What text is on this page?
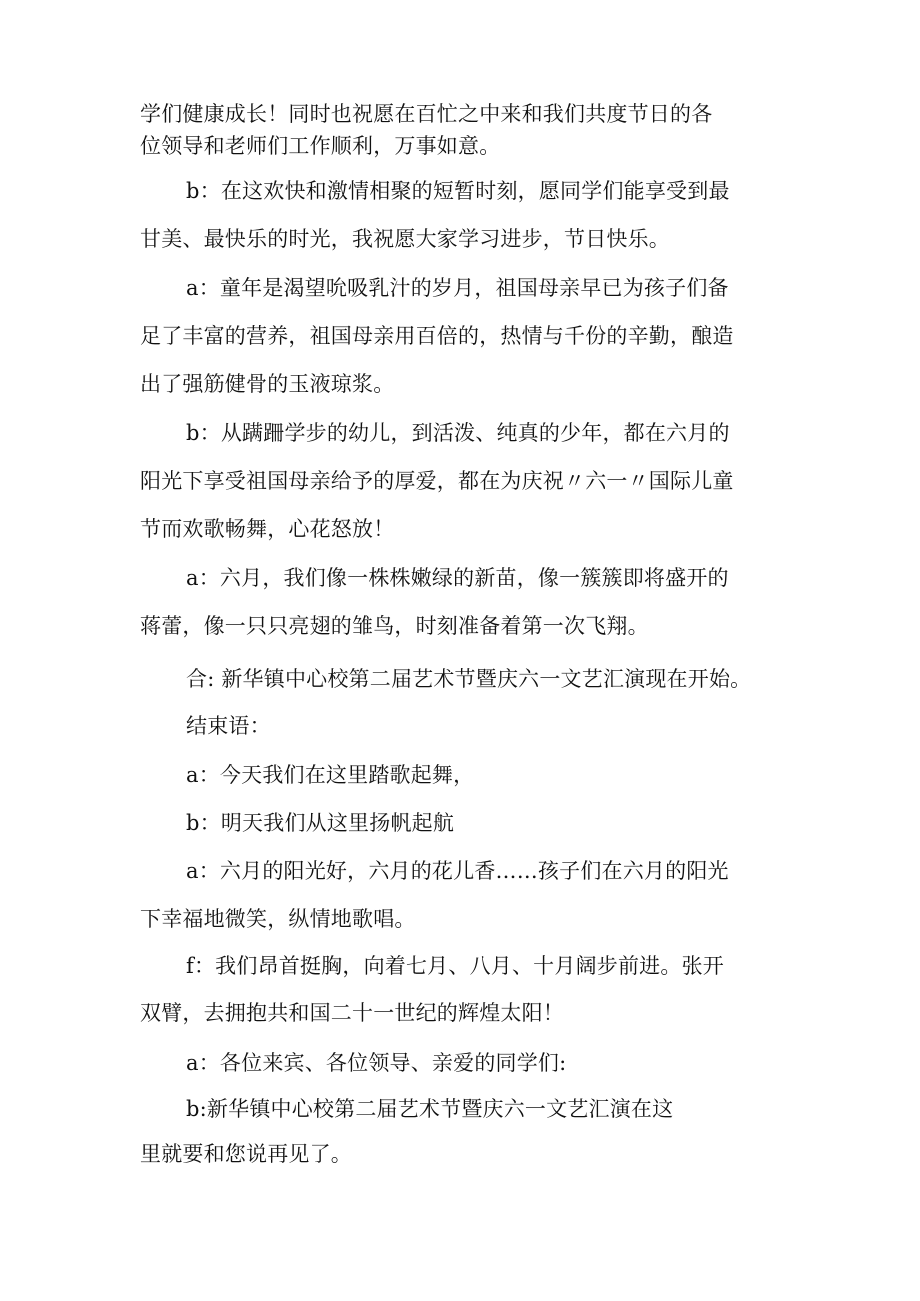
学们健康成长！同时也祝愿在百忙之中来和我们共度节日的各
位领导和老师们工作顺利，万事如意。
b：在这欢快和激情相聚的短暂时刻，愿同学们能享受到最
甘美、最快乐的时光，我祝愿大家学习进步，节日快乐。
a：童年是渴望吮吸乳汁的岁月，祖国母亲早已为孩子们备
足了丰富的营养，祖国母亲用百倍的，热情与千份的辛勤，酿造
出了强筋健骨的玉液琼浆。
b：从蹒跚学步的幼儿，到活泼、纯真的少年，都在六月的
阳光下享受祖国母亲给予的厚爱，都在为庆祝〃六一〃国际儿童
节而欢歌畅舞，心花怒放！
a：六月，我们像一株株嫩绿的新苗，像一簇簇即将盛开的
蒋蕾，像一只只亮翅的雏鸟，时刻准备着第一次飞翔。
合: 新华镇中心校第二届艺术节暨庆六一文艺汇演现在开始。
结束语：
a：今天我们在这里踏歌起舞，
b：明天我们从这里扬帆起航
a：六月的阳光好，六月的花儿香……孩子们在六月的阳光
下幸福地微笑，纵情地歌唱。
f：我们昂首挺胸，向着七月、八月、十月阔步前进。张开
双臂，去拥抱共和国二十一世纪的辉煌太阳！
a：各位来宾、各位领导、亲爱的同学们:
b:新华镇中心校第二届艺术节暨庆六一文艺汇演在这
里就要和您说再见了。
